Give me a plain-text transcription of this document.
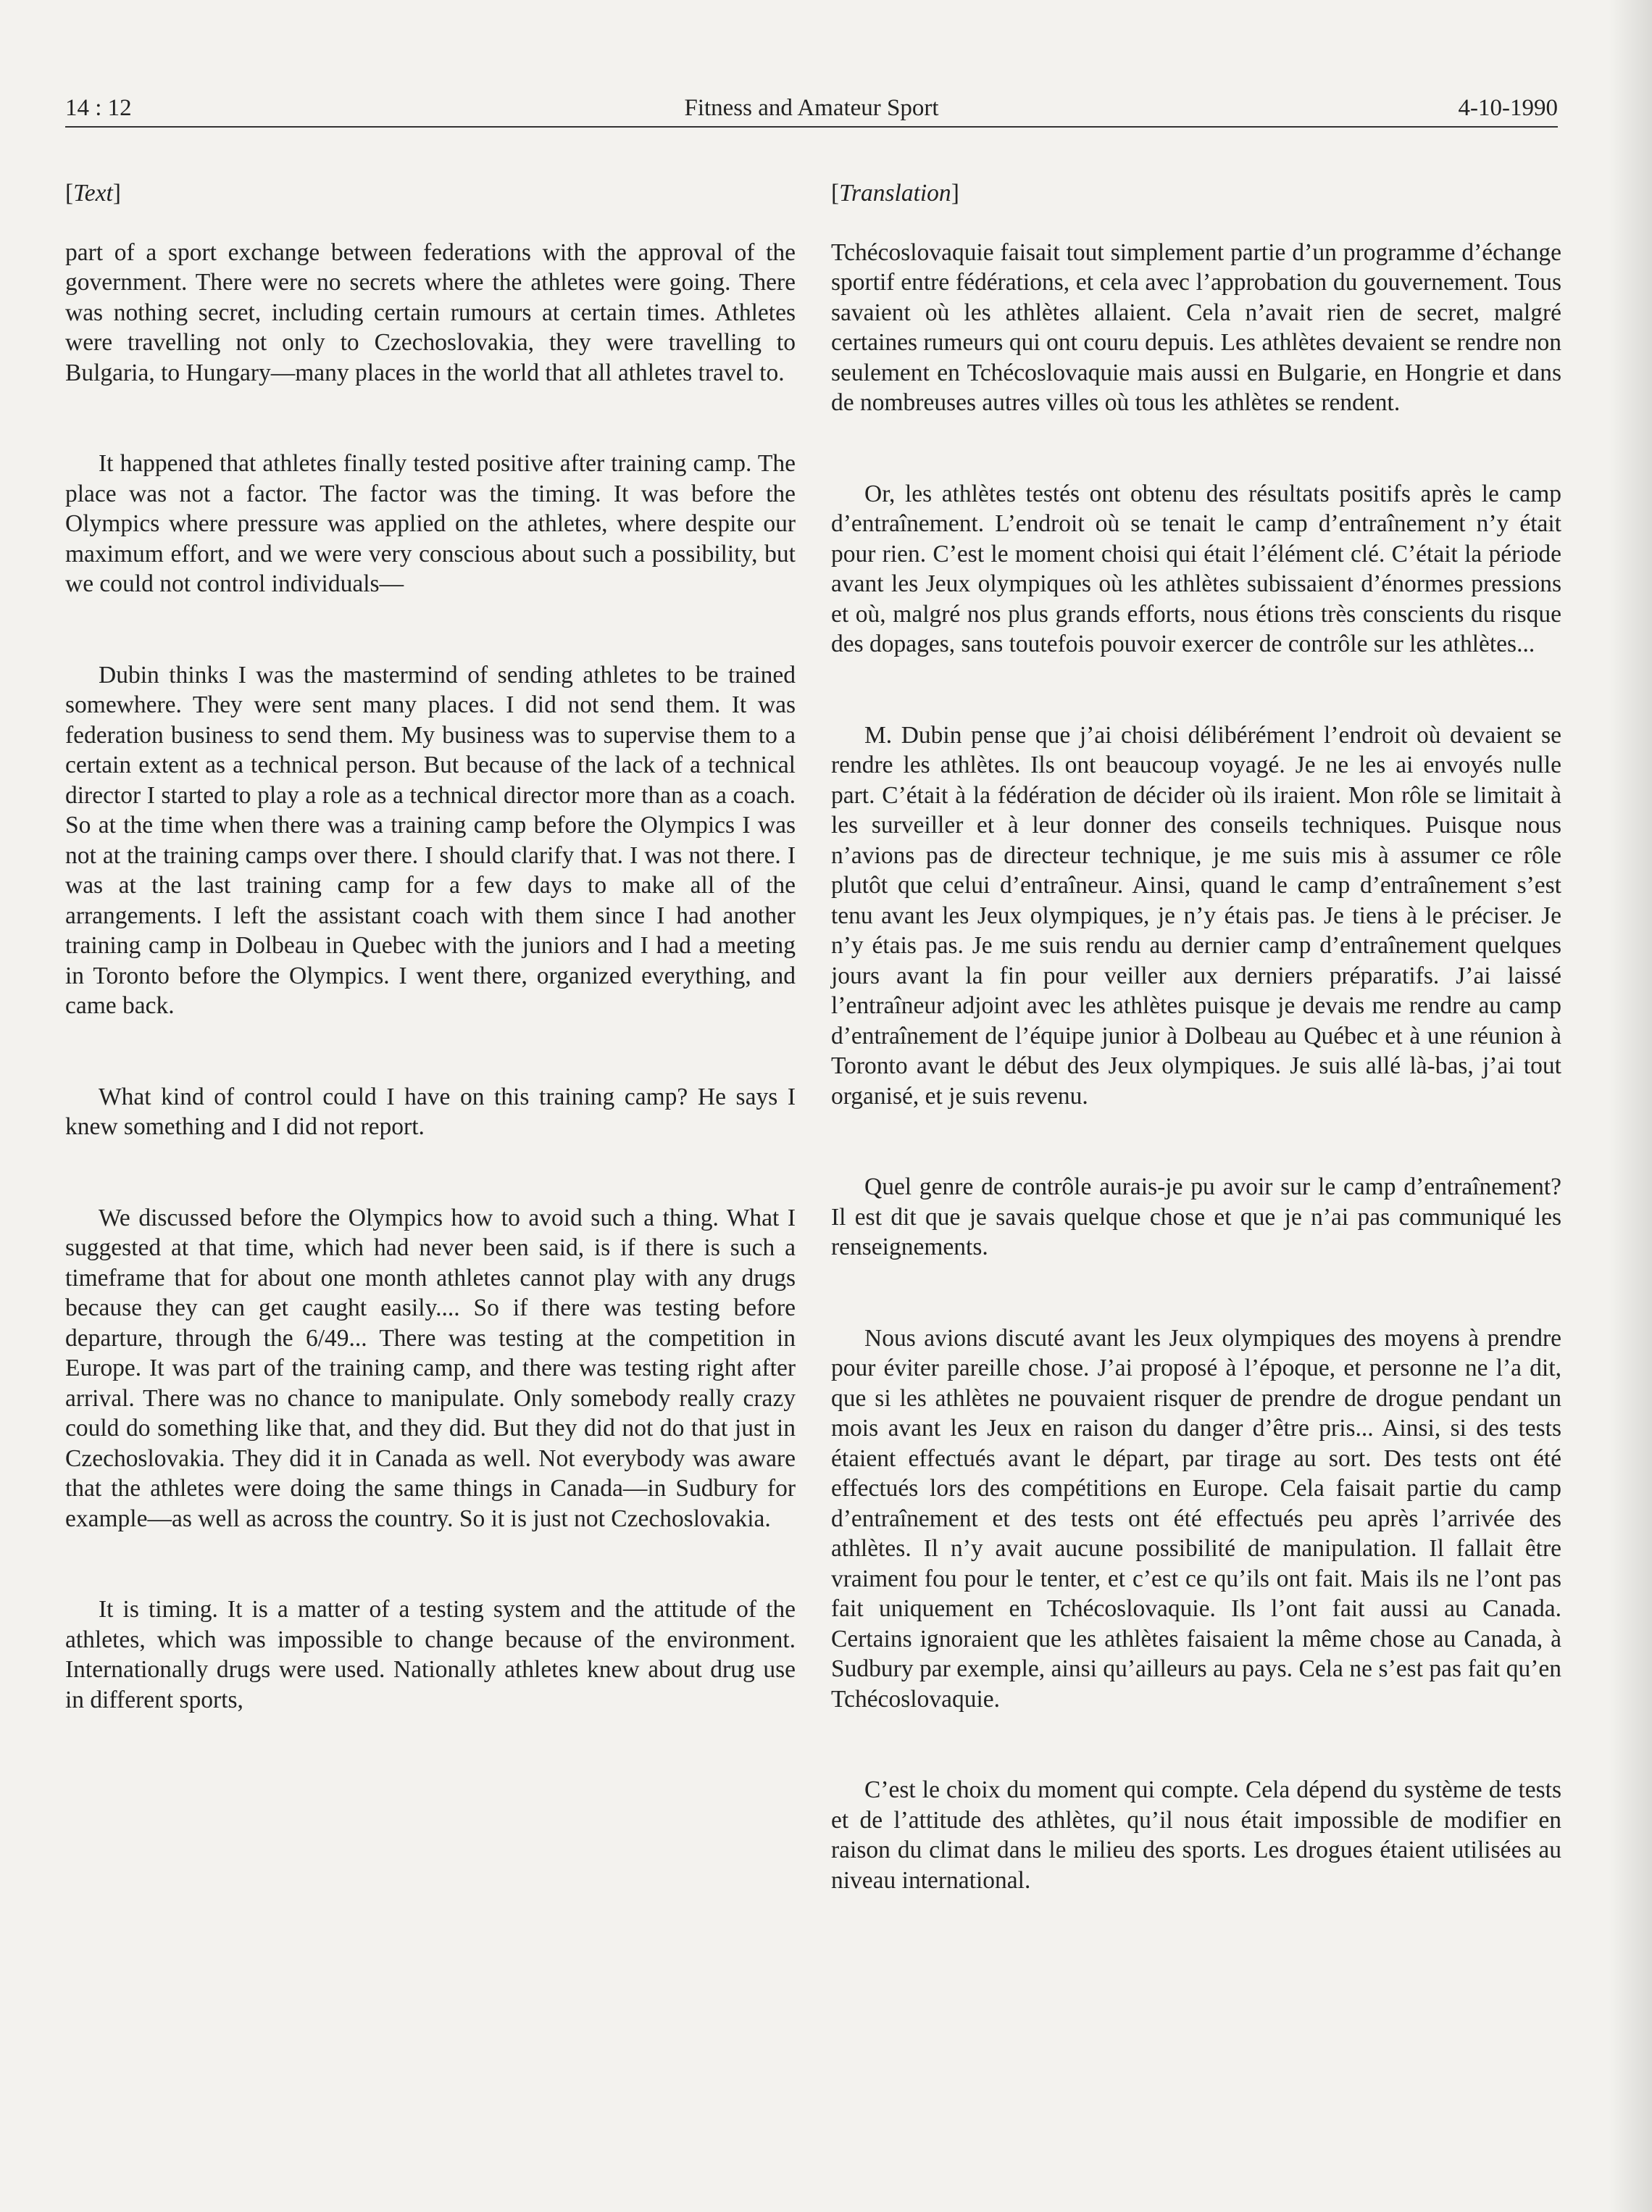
14 : 12	Fitness and Amateur Sport	4-10-1990
[Text]

part of a sport exchange between federations with the approval of the government. There were no secrets where the athletes were going. There was nothing secret, including certain rumours at certain times. Athletes were travelling not only to Czechoslovakia, they were travelling to Bulgaria, to Hungary—many places in the world that all athletes travel to.

It happened that athletes finally tested positive after training camp. The place was not a factor. The factor was the timing. It was before the Olympics where pressure was applied on the athletes, where despite our maximum effort, and we were very conscious about such a possibility, but we could not control individuals—

Dubin thinks I was the mastermind of sending athletes to be trained somewhere. They were sent many places. I did not send them. It was federation business to send them. My business was to supervise them to a certain extent as a technical person. But because of the lack of a technical director I started to play a role as a technical director more than as a coach. So at the time when there was a training camp before the Olympics I was not at the training camps over there. I should clarify that. I was not there. I was at the last training camp for a few days to make all of the arrangements. I left the assistant coach with them since I had another training camp in Dolbeau in Quebec with the juniors and I had a meeting in Toronto before the Olympics. I went there, organized everything, and came back.

What kind of control could I have on this training camp? He says I knew something and I did not report.

We discussed before the Olympics how to avoid such a thing. What I suggested at that time, which had never been said, is if there is such a timeframe that for about one month athletes cannot play with any drugs because they can get caught easily.... So if there was testing before departure, through the 6/49... There was testing at the competition in Europe. It was part of the training camp, and there was testing right after arrival. There was no chance to manipulate. Only somebody really crazy could do something like that, and they did. But they did not do that just in Czechoslovakia. They did it in Canada as well. Not everybody was aware that the athletes were doing the same things in Canada—in Sudbury for example—as well as across the country. So it is just not Czechoslovakia.

It is timing. It is a matter of a testing system and the attitude of the athletes, which was impossible to change because of the environment. Internationally drugs were used. Nationally athletes knew about drug use in different sports,

[Translation]

Tchécoslovaquie faisait tout simplement partie d’un programme d’échange sportif entre fédérations, et cela avec l’approbation du gouvernement. Tous savaient où les athlètes allaient. Cela n’avait rien de secret, malgré certaines rumeurs qui ont couru depuis. Les athlètes devaient se rendre non seulement en Tchécoslovaquie mais aussi en Bulgarie, en Hongrie et dans de nombreuses autres villes où tous les athlètes se rendent.

Or, les athlètes testés ont obtenu des résultats positifs après le camp d’entraînement. L’endroit où se tenait le camp d’entraînement n’y était pour rien. C’est le moment choisi qui était l’élément clé. C’était la période avant les Jeux olympiques où les athlètes subissaient d’énormes pressions et où, malgré nos plus grands efforts, nous étions très conscients du risque des dopages, sans toutefois pouvoir exercer de contrôle sur les athlètes...

M. Dubin pense que j’ai choisi délibérément l’endroit où devaient se rendre les athlètes. Ils ont beaucoup voyagé. Je ne les ai envoyés nulle part. C’était à la fédération de décider où ils iraient. Mon rôle se limitait à les surveiller et à leur donner des conseils techniques. Puisque nous n’avions pas de directeur technique, je me suis mis à assumer ce rôle plutôt que celui d’entraîneur. Ainsi, quand le camp d’entraînement s’est tenu avant les Jeux olympiques, je n’y étais pas. Je tiens à le préciser. Je n’y étais pas. Je me suis rendu au dernier camp d’entraînement quelques jours avant la fin pour veiller aux derniers préparatifs. J’ai laissé l’entraîneur adjoint avec les athlètes puisque je devais me rendre au camp d’entraînement de l’équipe junior à Dolbeau au Québec et à une réunion à Toronto avant le début des Jeux olympiques. Je suis allé là-bas, j’ai tout organisé, et je suis revenu.

Quel genre de contrôle aurais-je pu avoir sur le camp d’entraînement? Il est dit que je savais quelque chose et que je n’ai pas communiqué les renseignements.

Nous avions discuté avant les Jeux olympiques des moyens à prendre pour éviter pareille chose. J’ai proposé à l’époque, et personne ne l’a dit, que si les athlètes ne pouvaient risquer de prendre de drogue pendant un mois avant les Jeux en raison du danger d’être pris... Ainsi, si des tests étaient effectués avant le départ, par tirage au sort. Des tests ont été effectués lors des compétitions en Europe. Cela faisait partie du camp d’entraînement et des tests ont été effectués peu après l’arrivée des athlètes. Il n’y avait aucune possibilité de manipulation. Il fallait être vraiment fou pour le tenter, et c’est ce qu’ils ont fait. Mais ils ne l’ont pas fait uniquement en Tchécoslovaquie. Ils l’ont fait aussi au Canada. Certains ignoraient que les athlètes faisaient la même chose au Canada, à Sudbury par exemple, ainsi qu’ailleurs au pays. Cela ne s’est pas fait qu’en Tchécoslovaquie.

C’est le choix du moment qui compte. Cela dépend du système de tests et de l’attitude des athlètes, qu’il nous était impossible de modifier en raison du climat dans le milieu des sports. Les drogues étaient utilisées au niveau international.
